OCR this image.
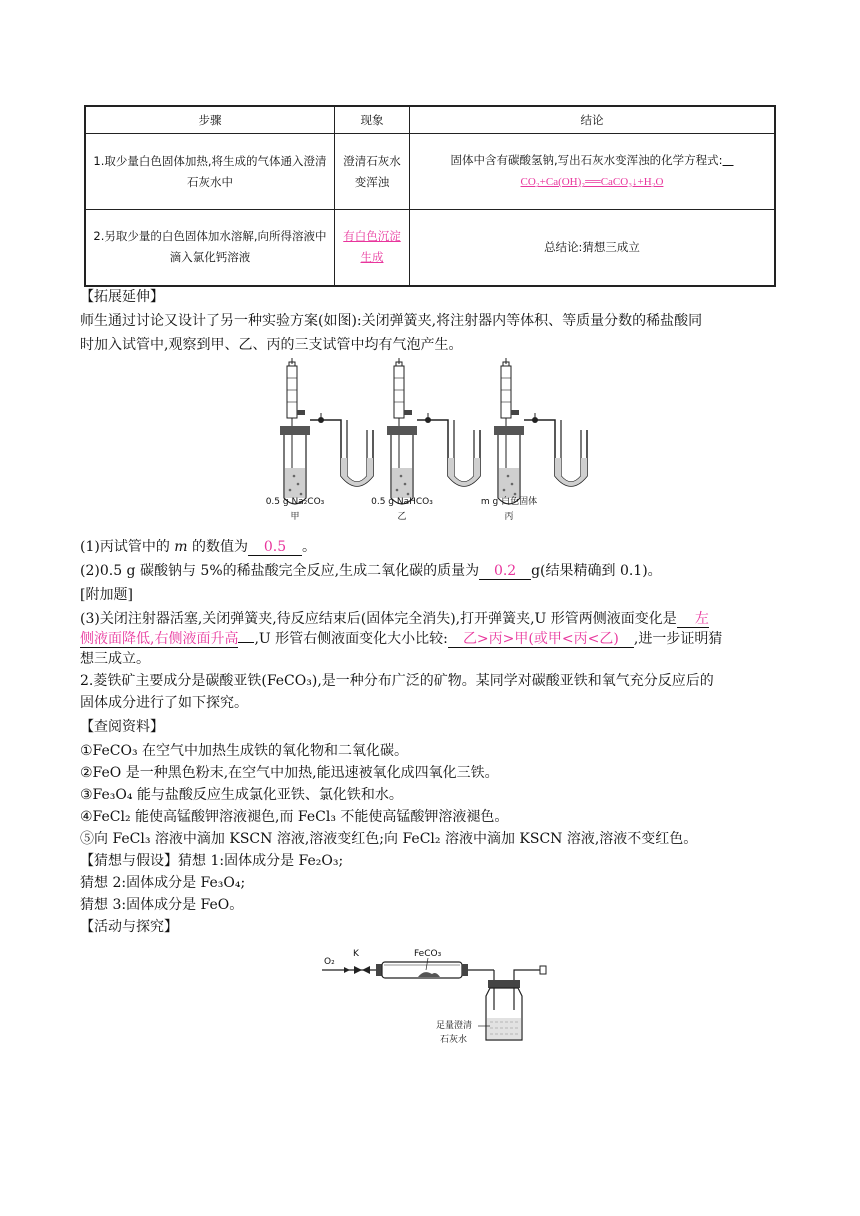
步骤	现象	结论
1.取少量白色固体加热,将生成的气体通入澄清石灰水中	澄清石灰水变浑浊	固体中含有碳酸氢钠,写出石灰水变浑浊的化学方程式:
CO₂+Ca(OH)₂══CaCO₃↓+H₂O
2.另取少量的白色固体加水溶解,向所得溶液中滴入氯化钙溶液	有白色沉淀生成	总结论:猜想三成立
【拓展延伸】
师生通过讨论又设计了另一种实验方案(如图):关闭弹簧夹,将注射器内等体积、等质量分数的稀盐酸同
时加入试管中,观察到甲、乙、丙的三支试管中均有气泡产生。
0.5 g Na₂CO₃
甲
0.5 g NaHCO₃
乙
m g 白色固体
丙
(1)丙试管中的 m 的数值为 0.5 。
(2)0.5 g 碳酸钠与 5%的稀盐酸完全反应,生成二氧化碳的质量为 0.2 g(结果精确到 0.1)。
[附加题]
(3)关闭注射器活塞,关闭弹簧夹,待反应结束后(固体完全消失),打开弹簧夹,U 形管两侧液面变化是 左
侧液面降低,右侧液面升高 ,U 形管右侧液面变化大小比较: 乙>丙>甲(或甲<丙<乙) ,进一步证明猜
想三成立。
2.菱铁矿主要成分是碳酸亚铁(FeCO₃),是一种分布广泛的矿物。某同学对碳酸亚铁和氧气充分反应后的
固体成分进行了如下探究。
【查阅资料】
①FeCO₃ 在空气中加热生成铁的氧化物和二氧化碳。
②FeO 是一种黑色粉末,在空气中加热,能迅速被氧化成四氧化三铁。
③Fe₃O₄ 能与盐酸反应生成氯化亚铁、氯化铁和水。
④FeCl₂ 能使高锰酸钾溶液褪色,而 FeCl₃ 不能使高锰酸钾溶液褪色。
⑤向 FeCl₃ 溶液中滴加 KSCN 溶液,溶液变红色;向 FeCl₂ 溶液中滴加 KSCN 溶液,溶液不变红色。
【猜想与假设】猜想 1:固体成分是 Fe₂O₃;
猜想 2:固体成分是 Fe₃O₄;
猜想 3:固体成分是 FeO。
【活动与探究】
O₂
K	FeCO₃
足量澄清
石灰水
